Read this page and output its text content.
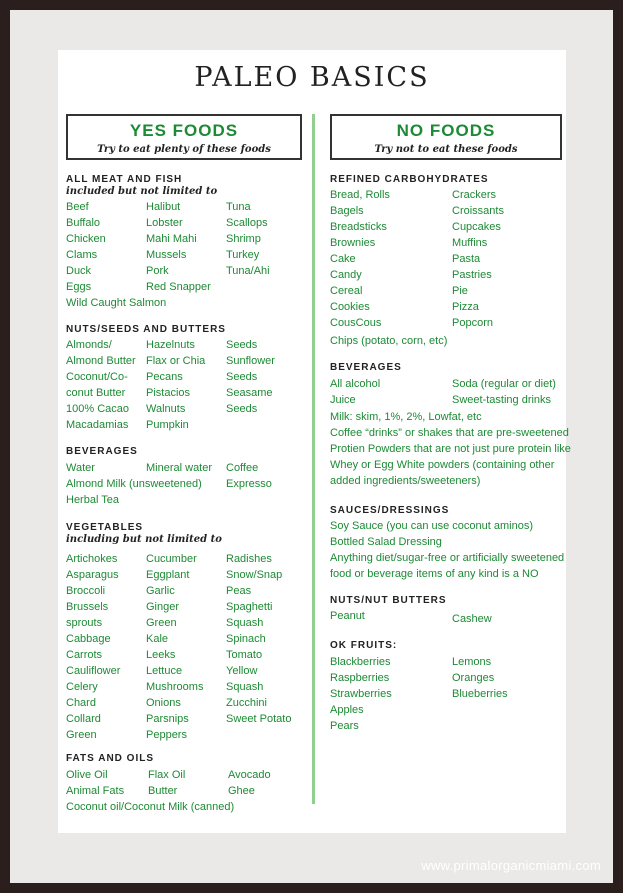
PALEO BASICS
YES FOODS
Try to eat plenty of these foods
ALL MEAT AND FISH
included but not limited to
Beef
Buffalo
Chicken
Clams
Duck
Eggs
Wild Caught Salmon
Halibut
Lobster
Mahi Mahi
Mussels
Pork
Red Snapper
Tuna
Scallops
Shrimp
Turkey
Tuna/Ahi
NUTS/SEEDS AND BUTTERS
Almonds/
Almond Butter
Coconut/Co-
conut Butter
100% Cacao
Macadamias
Hazelnuts
Flax or Chia
Pecans
Pistacios
Walnuts
Pumpkin
Seeds
Sunflower
Seeds
Seasame
Seeds
BEVERAGES
Water	Mineral water Coffee
Almond Milk (unsweetened) Expresso
Herbal Tea
VEGETABLES
including but not limited to
Artichokes
Asparagus
Broccoli
Brussels
sprouts
Cabbage
Carrots
Cauliflower
Celery
Chard
Collard
Green
Cucumber
Eggplant
Garlic
Ginger
Green
Kale
Leeks
Lettuce
Mushrooms
Onions
Parsnips
Peppers
Radishes
Snow/Snap
Peas
Spaghetti
Squash
Spinach
Tomato
Yellow
Squash
Zucchini
Sweet Potato
FATS AND OILS
Olive Oil
Animal Fats
Flax Oil
Butter
Avocado
Ghee
Coconut oil/Coconut Milk (canned)
NO FOODS
Try not to eat these foods
REFINED CARBOHYDRATES
Bread, Rolls
Bagels
Breadsticks
Brownies
Cake
Candy
Cereal
Cookies
CousCous
Crackers
Croissants
Cupcakes
Muffins
Pasta
Pastries
Pie
Pizza
Popcorn
Chips (potato, corn, etc)
BEVERAGES
All alcohol
Juice
Soda (regular or diet)
Sweet-tasting drinks
Milk: skim, 1%, 2%, Lowfat, etc
Coffee “drinks” or shakes that are pre-sweetened
Protien Powders that are not just pure protein like
Whey or Egg White powders (containing other
added ingredients/sweeteners)
SAUCES/DRESSINGS
Soy Sauce (you can use coconut aminos)
Bottled Salad Dressing
Anything diet/sugar-free or artificially sweetened
food or beverage items of any kind is a NO
NUTS/NUT BUTTERS
Peanut	Cashew
OK FRUITS:
Blackberries
Raspberries
Strawberries
Apples
Pears
Lemons
Oranges
Blueberries
www.primalorganicmiami.com
